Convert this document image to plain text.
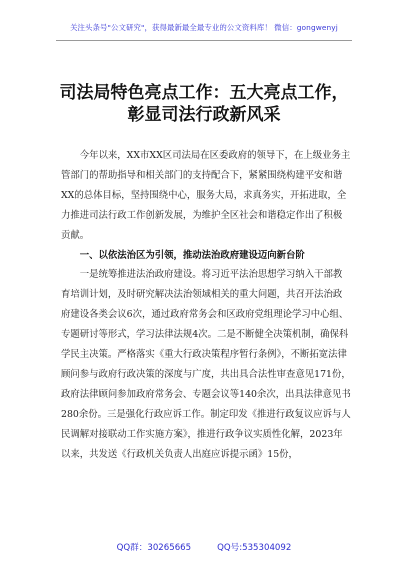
关注头条号"公文研究"，获得最新最全最专业的公文资料库！ 微信：gongwenyj
司法局特色亮点工作：五大亮点工作，
彰显司法行政新风采

今年以来，XX市XX区司法局在区委政府的领导下，在上级业务主管部门的帮助指导和相关部门的支持配合下，紧紧围绕构建平安和谐XX的总体目标，坚持围绕中心，服务大局，求真务实，开拓进取，全力推进司法行政工作创新发展，为维护全区社会和谐稳定作出了积极贡献。

一、以依法治区为引领，推动法治政府建设迈向新台阶

一是统筹推进法治政府建设。将习近平法治思想学习纳入干部教育培训计划，及时研究解决法治领域相关的重大问题，共召开法治政府建设各类会议6次，通过政府常务会和区政府党组理论学习中心组、专题研讨等形式，学习法律法规4次。二是不断健全决策机制，确保科学民主决策。严格落实《重大行政决策程序暂行条例》，不断拓宽法律顾问参与政府行政决策的深度与广度，共出具合法性审查意见171份，政府法律顾问参加政府常务会、专题会议等140余次，出具法律意见书280余份。三是强化行政应诉工作。制定印发《推进行政复议应诉与人民调解对接联动工作实施方案》，推进行政争议实质性化解，2023年以来，共发送《行政机关负责人出庭应诉提示函》15份，

QQ群：30265665	QQ号:535304092
